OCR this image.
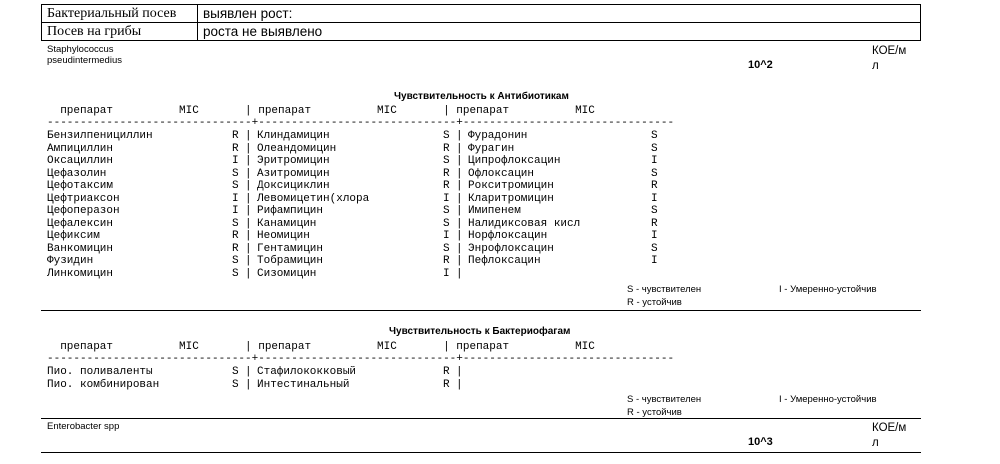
Бактериальный посев	выявлен рост:
Посев на грибы	роста не выявлено
Staphylococcus
pseudintermedius	10^2
КОЕ/м
л
Чувствительность к Антибиотикам
препарат          MIC       | препарат          MIC       | препарат          MIC
-------------------------------+------------------------------+--------------------------------
Бензилпенициллин	R | Клиндамицин	S | Фурадонин	S
Ампициллин	R | Олеандомицин	R | Фурагин	S
Оксациллин	I | Эритромицин	S | Ципрофлоксацин	I
Цефазолин	S | Азитромицин	R | Офлоксацин	S
Цефотаксим	S | Доксициклин	R | Рокситромицин	R
Цефтриаксон	I | Левомицетин(хлора	I | Кларитромицин	I
Цефоперазон	I | Рифампицин	S | Имипенем	S
Цефалексин	S | Канамицин	S | Налидиксовая кисл	R
Цефиксим	R | Неомицин	I | Норфлоксацин	I
Ванкомицин	R | Гентамицин	S | Энрофлоксацин	S
Фузидин	S | Тобрамицин	R | Пефлоксацин	I
Линкомицин	S | Сизомицин	I |
S - чувствителен
R - устойчив
I - Умеренно-устойчив
Чувствительность к Бактериофагам
препарат          MIC       | препарат          MIC       | препарат          MIC
-------------------------------+------------------------------+--------------------------------
Пио. поливаленты	S | Стафилококковый	R |
Пио. комбинирован	S | Интестинальный	R |
S - чувствителен
R - устойчив
I - Умеренно-устойчив
Enterobacter spp
10^3
КОЕ/м
л
